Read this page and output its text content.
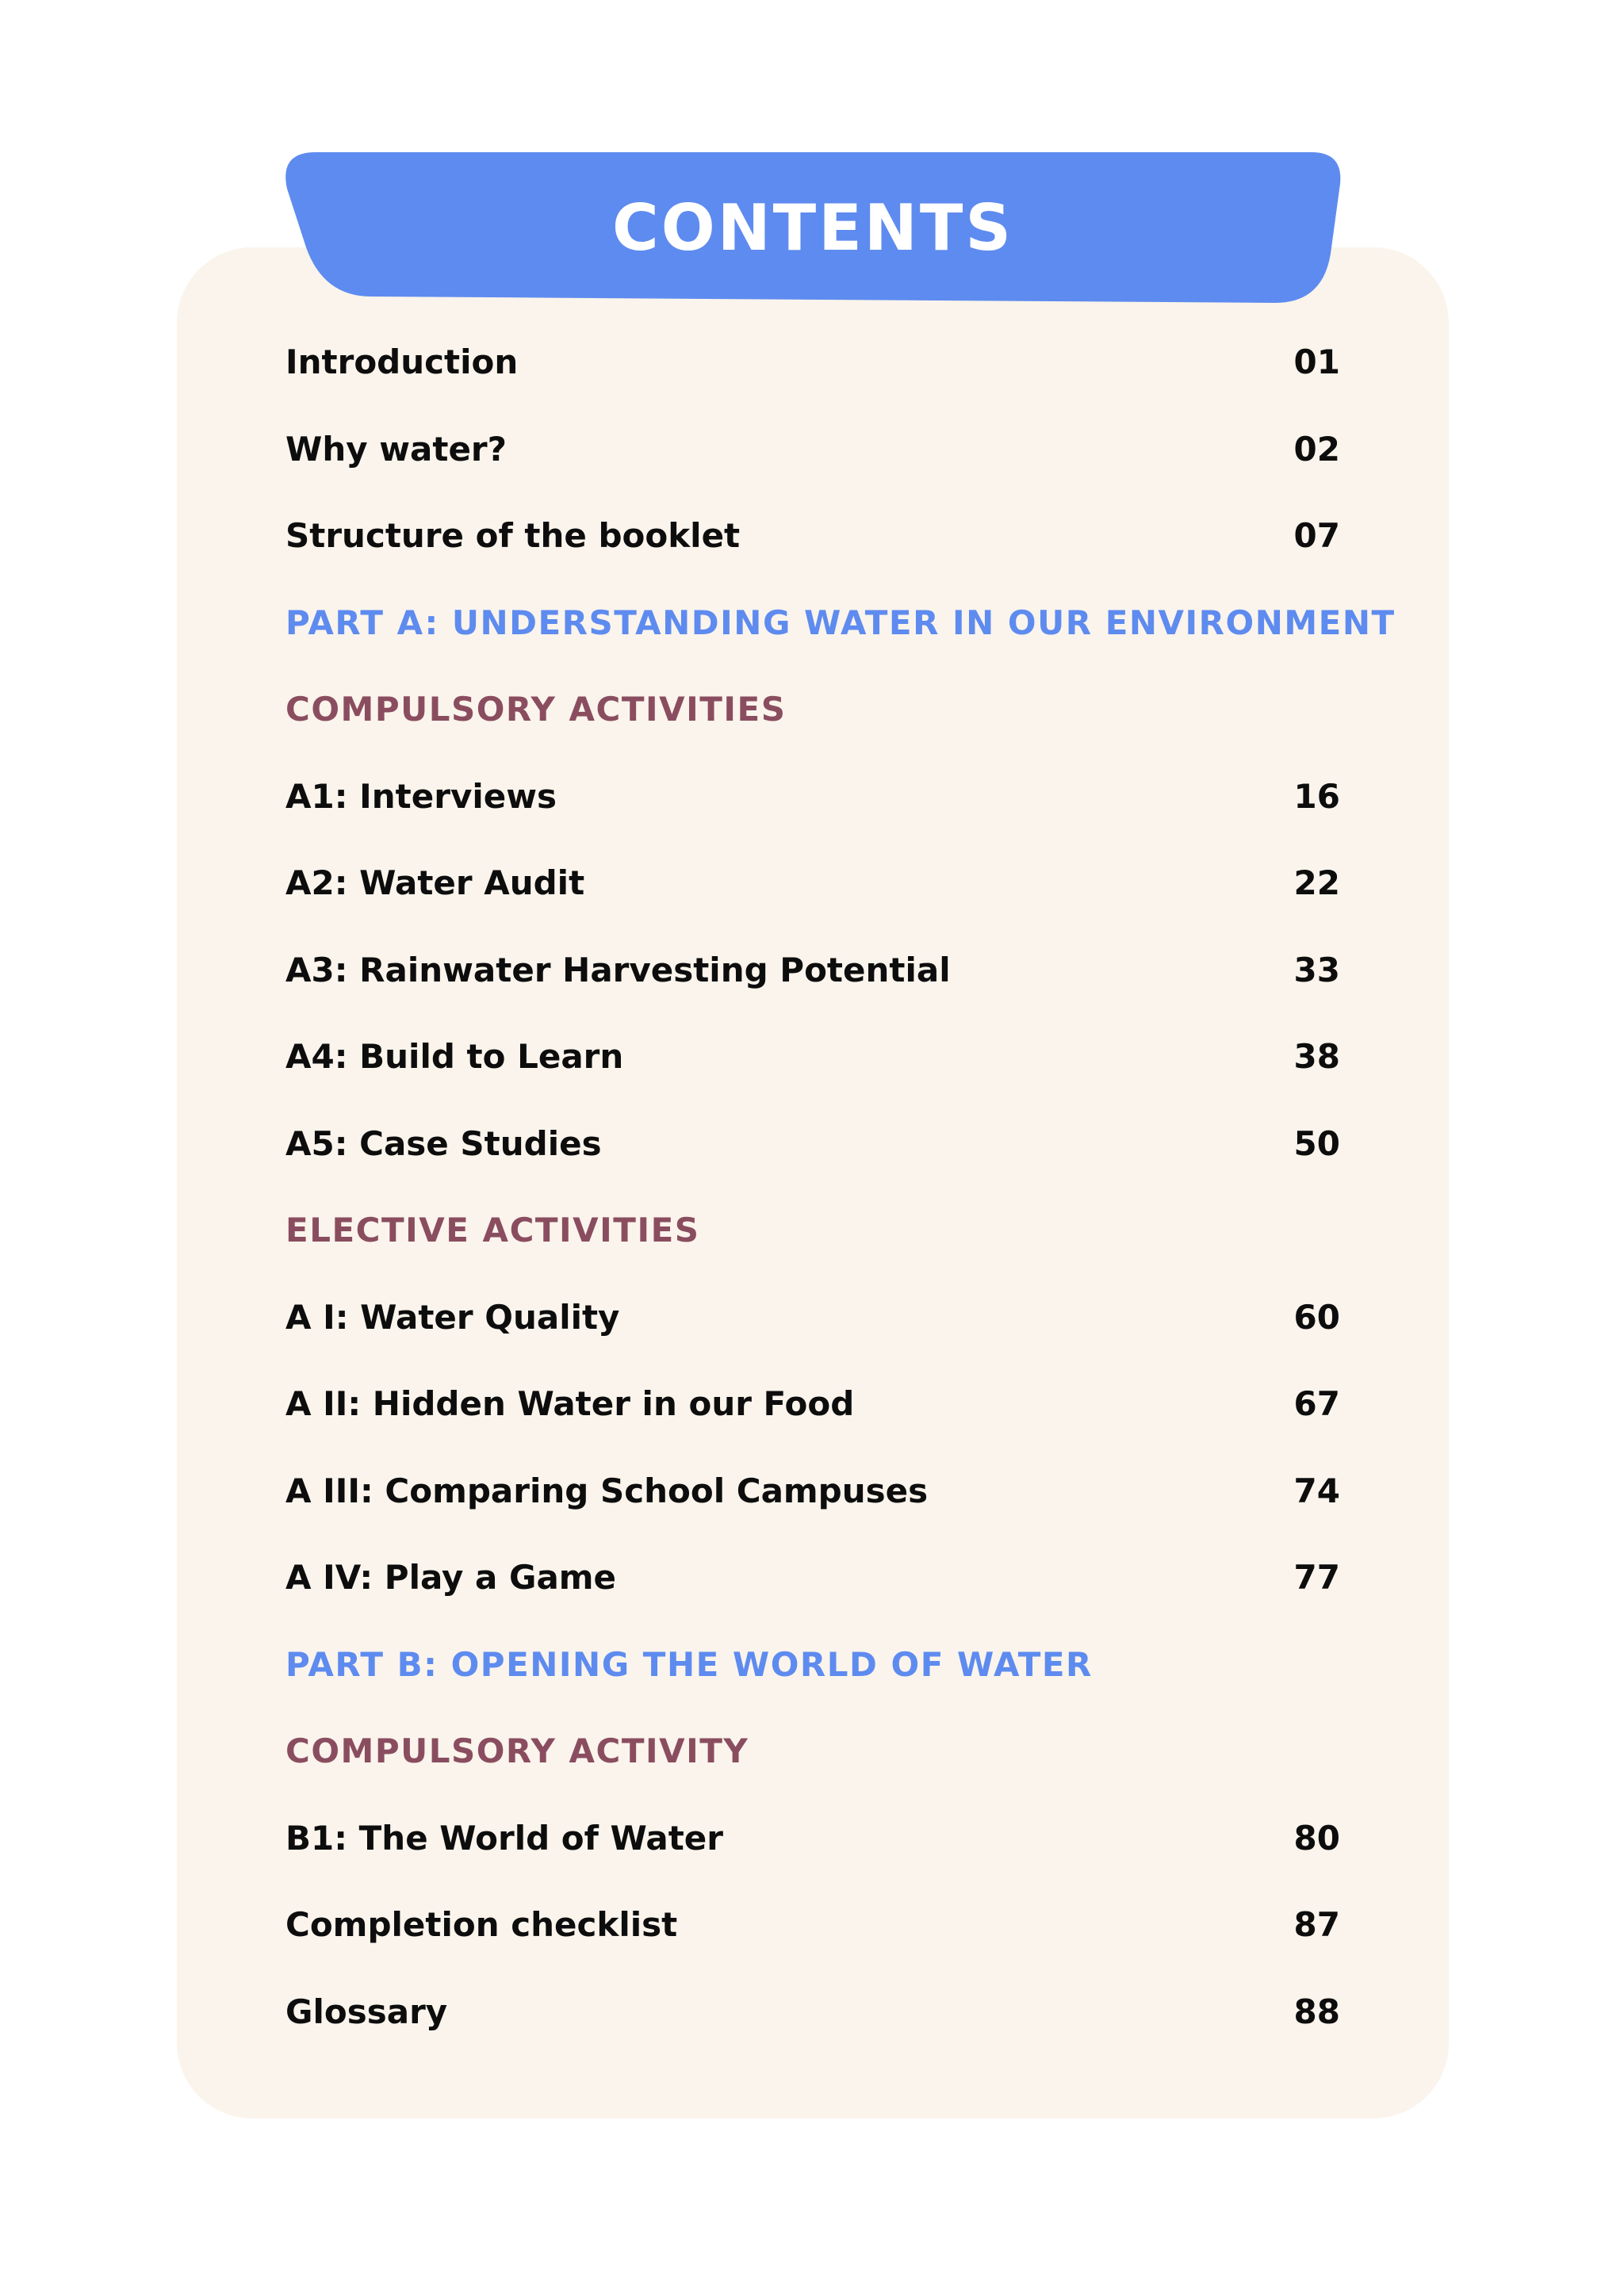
CONTENTS
Introduction	01
Why water?	02
Structure of the booklet	07
PART A: UNDERSTANDING WATER IN OUR ENVIRONMENT
COMPULSORY ACTIVITIES
A1: Interviews	16
A2: Water Audit	22
A3: Rainwater Harvesting Potential	33
A4: Build to Learn	38
A5: Case Studies	50
ELECTIVE ACTIVITIES
A I: Water Quality	60
A II: Hidden Water in our Food	67
A III: Comparing School Campuses	74
A IV: Play a Game	77
PART B: OPENING THE WORLD OF WATER
COMPULSORY ACTIVITY
B1: The World of Water	80
Completion checklist	87
Glossary	88
